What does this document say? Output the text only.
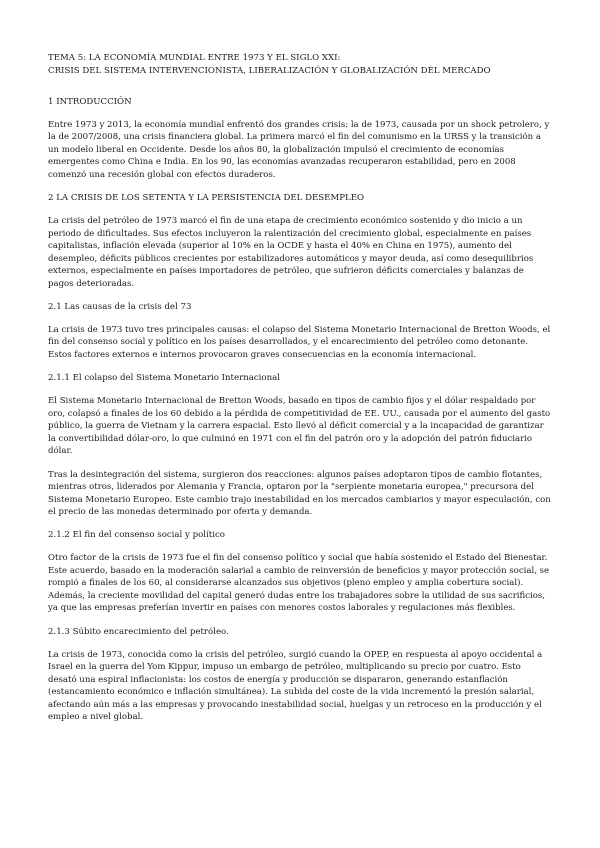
TEMA 5: LA ECONOMÍA MUNDIAL ENTRE 1973 Y EL SIGLO XXI:
CRISIS DEL SISTEMA INTERVENCIONISTA, LIBERALIZACIÓN Y GLOBALIZACIÓN DEL MERCADO
1 INTRODUCCIÓN

Entre 1973 y 2013, la economía mundial enfrentó dos grandes crisis: la de 1973, causada por un shock petrolero, y la de 2007/2008, una crisis financiera global. La primera marcó el fin del comunismo en la URSS y la transición a un modelo liberal en Occidente. Desde los años 80, la globalización impulsó el crecimiento de economías emergentes como China e India. En los 90, las economías avanzadas recuperaron estabilidad, pero en 2008 comenzó una recesión global con efectos duraderos.

2 LA CRISIS DE LOS SETENTA Y LA PERSISTENCIA DEL DESEMPLEO

La crisis del petróleo de 1973 marcó el fin de una etapa de crecimiento económico sostenido y dio inicio a un periodo de dificultades. Sus efectos incluyeron la ralentización del crecimiento global, especialmente en países capitalistas, inflación elevada (superior al 10% en la OCDE y hasta el 40% en China en 1975), aumento del desempleo, déficits públicos crecientes por estabilizadores automáticos y mayor deuda, así como desequilibrios externos, especialmente en países importadores de petróleo, que sufrieron déficits comerciales y balanzas de pagos deterioradas.

2.1 Las causas de la crisis del 73

La crisis de 1973 tuvo tres principales causas: el colapso del Sistema Monetario Internacional de Bretton Woods, el fin del consenso social y político en los países desarrollados, y el encarecimiento del petróleo como detonante. Estos factores externos e internos provocaron graves consecuencias en la economía internacional.

2.1.1 El colapso del Sistema Monetario Internacional

El Sistema Monetario Internacional de Bretton Woods, basado en tipos de cambio fijos y el dólar respaldado por oro, colapsó a finales de los 60 debido a la pérdida de competitividad de EE. UU., causada por el aumento del gasto público, la guerra de Vietnam y la carrera espacial. Esto llevó al déficit comercial y a la incapacidad de garantizar la convertibilidad dólar-oro, lo que culminó en 1971 con el fin del patrón oro y la adopción del patrón fiduciario dólar.

Tras la desintegración del sistema, surgieron dos reacciones: algunos países adoptaron tipos de cambio flotantes, mientras otros, liderados por Alemania y Francia, optaron por la "serpiente monetaria europea," precursora del Sistema Monetario Europeo. Este cambio trajo inestabilidad en los mercados cambiarios y mayor especulación, con el precio de las monedas determinado por oferta y demanda.

2.1.2 El fin del consenso social y político

Otro factor de la crisis de 1973 fue el fin del consenso político y social que había sostenido el Estado del Bienestar. Este acuerdo, basado en la moderación salarial a cambio de reinversión de beneficios y mayor protección social, se rompió a finales de los 60, al considerarse alcanzados sus objetivos (pleno empleo y amplia cobertura social). Además, la creciente movilidad del capital generó dudas entre los trabajadores sobre la utilidad de sus sacrificios, ya que las empresas preferían invertir en países con menores costos laborales y regulaciones más flexibles.

2.1.3 Súbito encarecimiento del petróleo.

La crisis de 1973, conocida como la crisis del petróleo, surgió cuando la OPEP, en respuesta al apoyo occidental a Israel en la guerra del Yom Kippur, impuso un embargo de petróleo, multiplicando su precio por cuatro. Esto desató una espiral inflacionista: los costos de energía y producción se dispararon, generando estanflación (estancamiento económico e inflación simultánea). La subida del coste de la vida incrementó la presión salarial, afectando aún más a las empresas y provocando inestabilidad social, huelgas y un retroceso en la producción y el empleo a nivel global.
